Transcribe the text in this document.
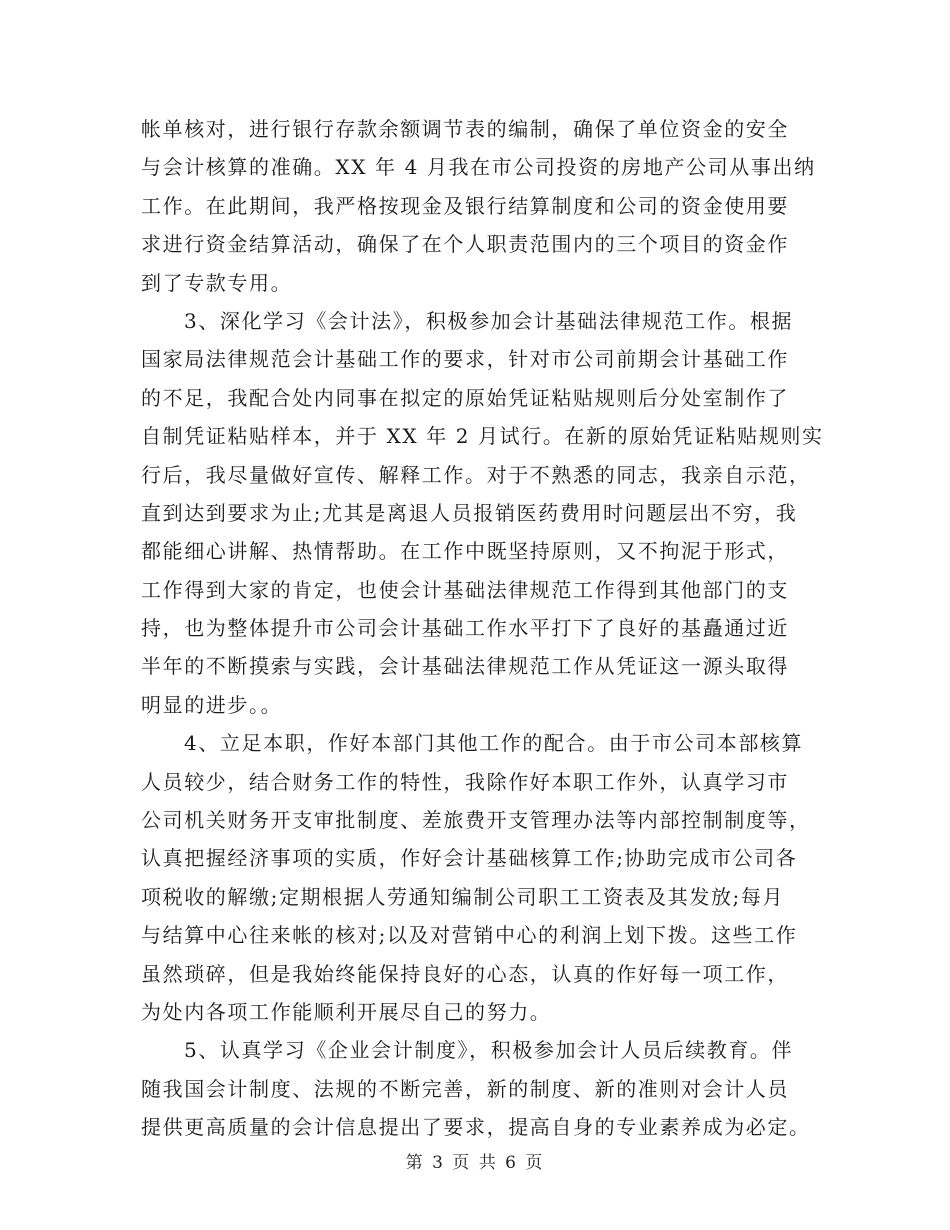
帐单核对，进行银行存款余额调节表的编制，确保了单位资金的安全
与会计核算的准确。XX 年 4 月我在市公司投资的房地产公司从事出纳
工作。在此期间，我严格按现金及银行结算制度和公司的资金使用要
求进行资金结算活动，确保了在个人职责范围内的三个项目的资金作
到了专款专用。

3、深化学习《会计法》，积极参加会计基础法律规范工作。根据
国家局法律规范会计基础工作的要求，针对市公司前期会计基础工作
的不足，我配合处内同事在拟定的原始凭证粘贴规则后分处室制作了
自制凭证粘贴样本，并于 XX 年 2 月试行。在新的原始凭证粘贴规则实
行后，我尽量做好宣传、解释工作。对于不熟悉的同志，我亲自示范，
直到达到要求为止;尤其是离退人员报销医药费用时问题层出不穷，我
都能细心讲解、热情帮助。在工作中既坚持原则，又不拘泥于形式，
工作得到大家的肯定，也使会计基础法律规范工作得到其他部门的支
持，也为整体提升市公司会计基础工作水平打下了良好的基矗通过近
半年的不断摸索与实践，会计基础法律规范工作从凭证这一源头取得
明显的进步。。

4、立足本职，作好本部门其他工作的配合。由于市公司本部核算
人员较少，结合财务工作的特性，我除作好本职工作外，认真学习市
公司机关财务开支审批制度、差旅费开支管理办法等内部控制制度等，
认真把握经济事项的实质，作好会计基础核算工作;协助完成市公司各
项税收的解缴;定期根据人劳通知编制公司职工工资表及其发放;每月
与结算中心往来帐的核对;以及对营销中心的利润上划下拨。这些工作
虽然琐碎，但是我始终能保持良好的心态，认真的作好每一项工作，
为处内各项工作能顺利开展尽自己的努力。

5、认真学习《企业会计制度》，积极参加会计人员后续教育。伴
随我国会计制度、法规的不断完善，新的制度、新的准则对会计人员
提供更高质量的会计信息提出了要求，提高自身的专业素养成为必定。

第 3 页 共 6 页
